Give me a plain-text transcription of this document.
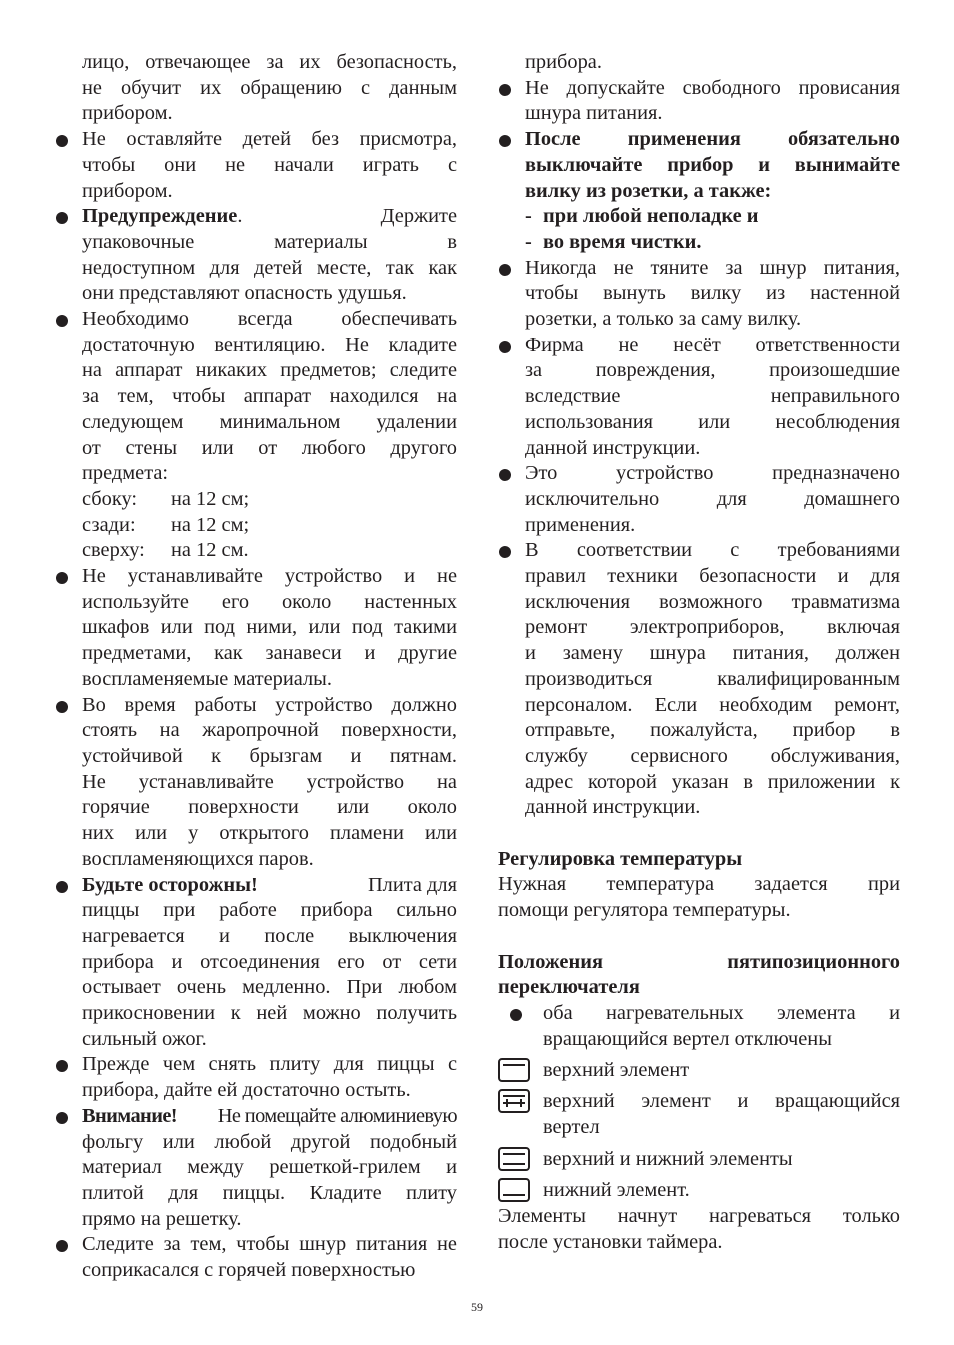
лицо, отвечающее за их безопасность,
не обучит их обращению с данным
прибором.
Не оставляйте детей без присмотра,
чтобы они не начали играть с
прибором.
Предупреждение.	Держите
упаковочные	материалы	в
недоступном для детей месте, так как
они представляют опасность удушья.
Необходимо всегда обеспечивать
достаточную вентиляцию. Не кладите
на аппарат никаких предметов; следите
за тем, чтобы аппарат находился на
следующем минимальном удалении
от стены или от любого другого
предмета:
сбоку:	на 12 см;
сзади:	на 12 см;
сверху:	на 12 см.
Не устанавливайте устройство и не
используйте его около настенных
шкафов или под ними, или под такими
предметами, как занавеси и другие
воспламеняемые материалы.
Во время работы устройство должно
стоять на жаропрочной поверхности,
устойчивой к брызгам и пятнам.
Не устанавливайте устройство на
горячие поверхности или около
них или у открытого пламени или
воспламеняющихся паров.
Будьте осторожны!	Плита для
пиццы при работе прибора сильно
нагревается и после выключения
прибора и отсоединения его от сети
остывает очень медленно. При любом
прикосновении к ней можно получить
сильный ожог.
Прежде чем снять плиту для пиццы с
прибора, дайте ей достаточно остыть.
Внимание! Не помещайте алюминиевую
фольгу или любой другой подобный
материал между решеткой-грилем и
плитой для пиццы. Кладите плиту
прямо на решетку.
Следите за тем, чтобы шнур питания не
соприкасался с горячей поверхностью
прибора.
Не допускайте свободного провисания
шнура питания.
После применения обязательно
выключайте прибор и вынимайте
вилку из розетки, а также:
- при любой неполадке и
- во время чистки.
Никогда не тяните за шнур питания,
чтобы вынуть вилку из настенной
розетки, а только за саму вилку.
Фирма не несёт ответственности
за повреждения, произошедшие
вследствие неправильного
использования или несоблюдения
данной инструкции.
Это устройство предназначено
исключительно для домашнего
применения.
В соответствии с требованиями
правил техники безопасности и для
исключения возможного травматизма
ремонт электроприборов, включая
и замену шнура питания, должен
производиться квалифицированным
персоналом. Если необходим ремонт,
отправьте, пожалуйста, прибор в
службу сервисного обслуживания,
адрес которой указан в приложении к
данной инструкции.
Регулировка температуры
Нужная температура задается при
помощи регулятора температуры.
Положения пятипозиционного
переключателя
оба нагревательных элемента и
вращающийся вертел отключены
верхний элемент
верхний элемент и вращающийся
вертел
верхний и нижний элементы
нижний элемент.
Элементы начнут нагреваться только
после установки таймера.
59
